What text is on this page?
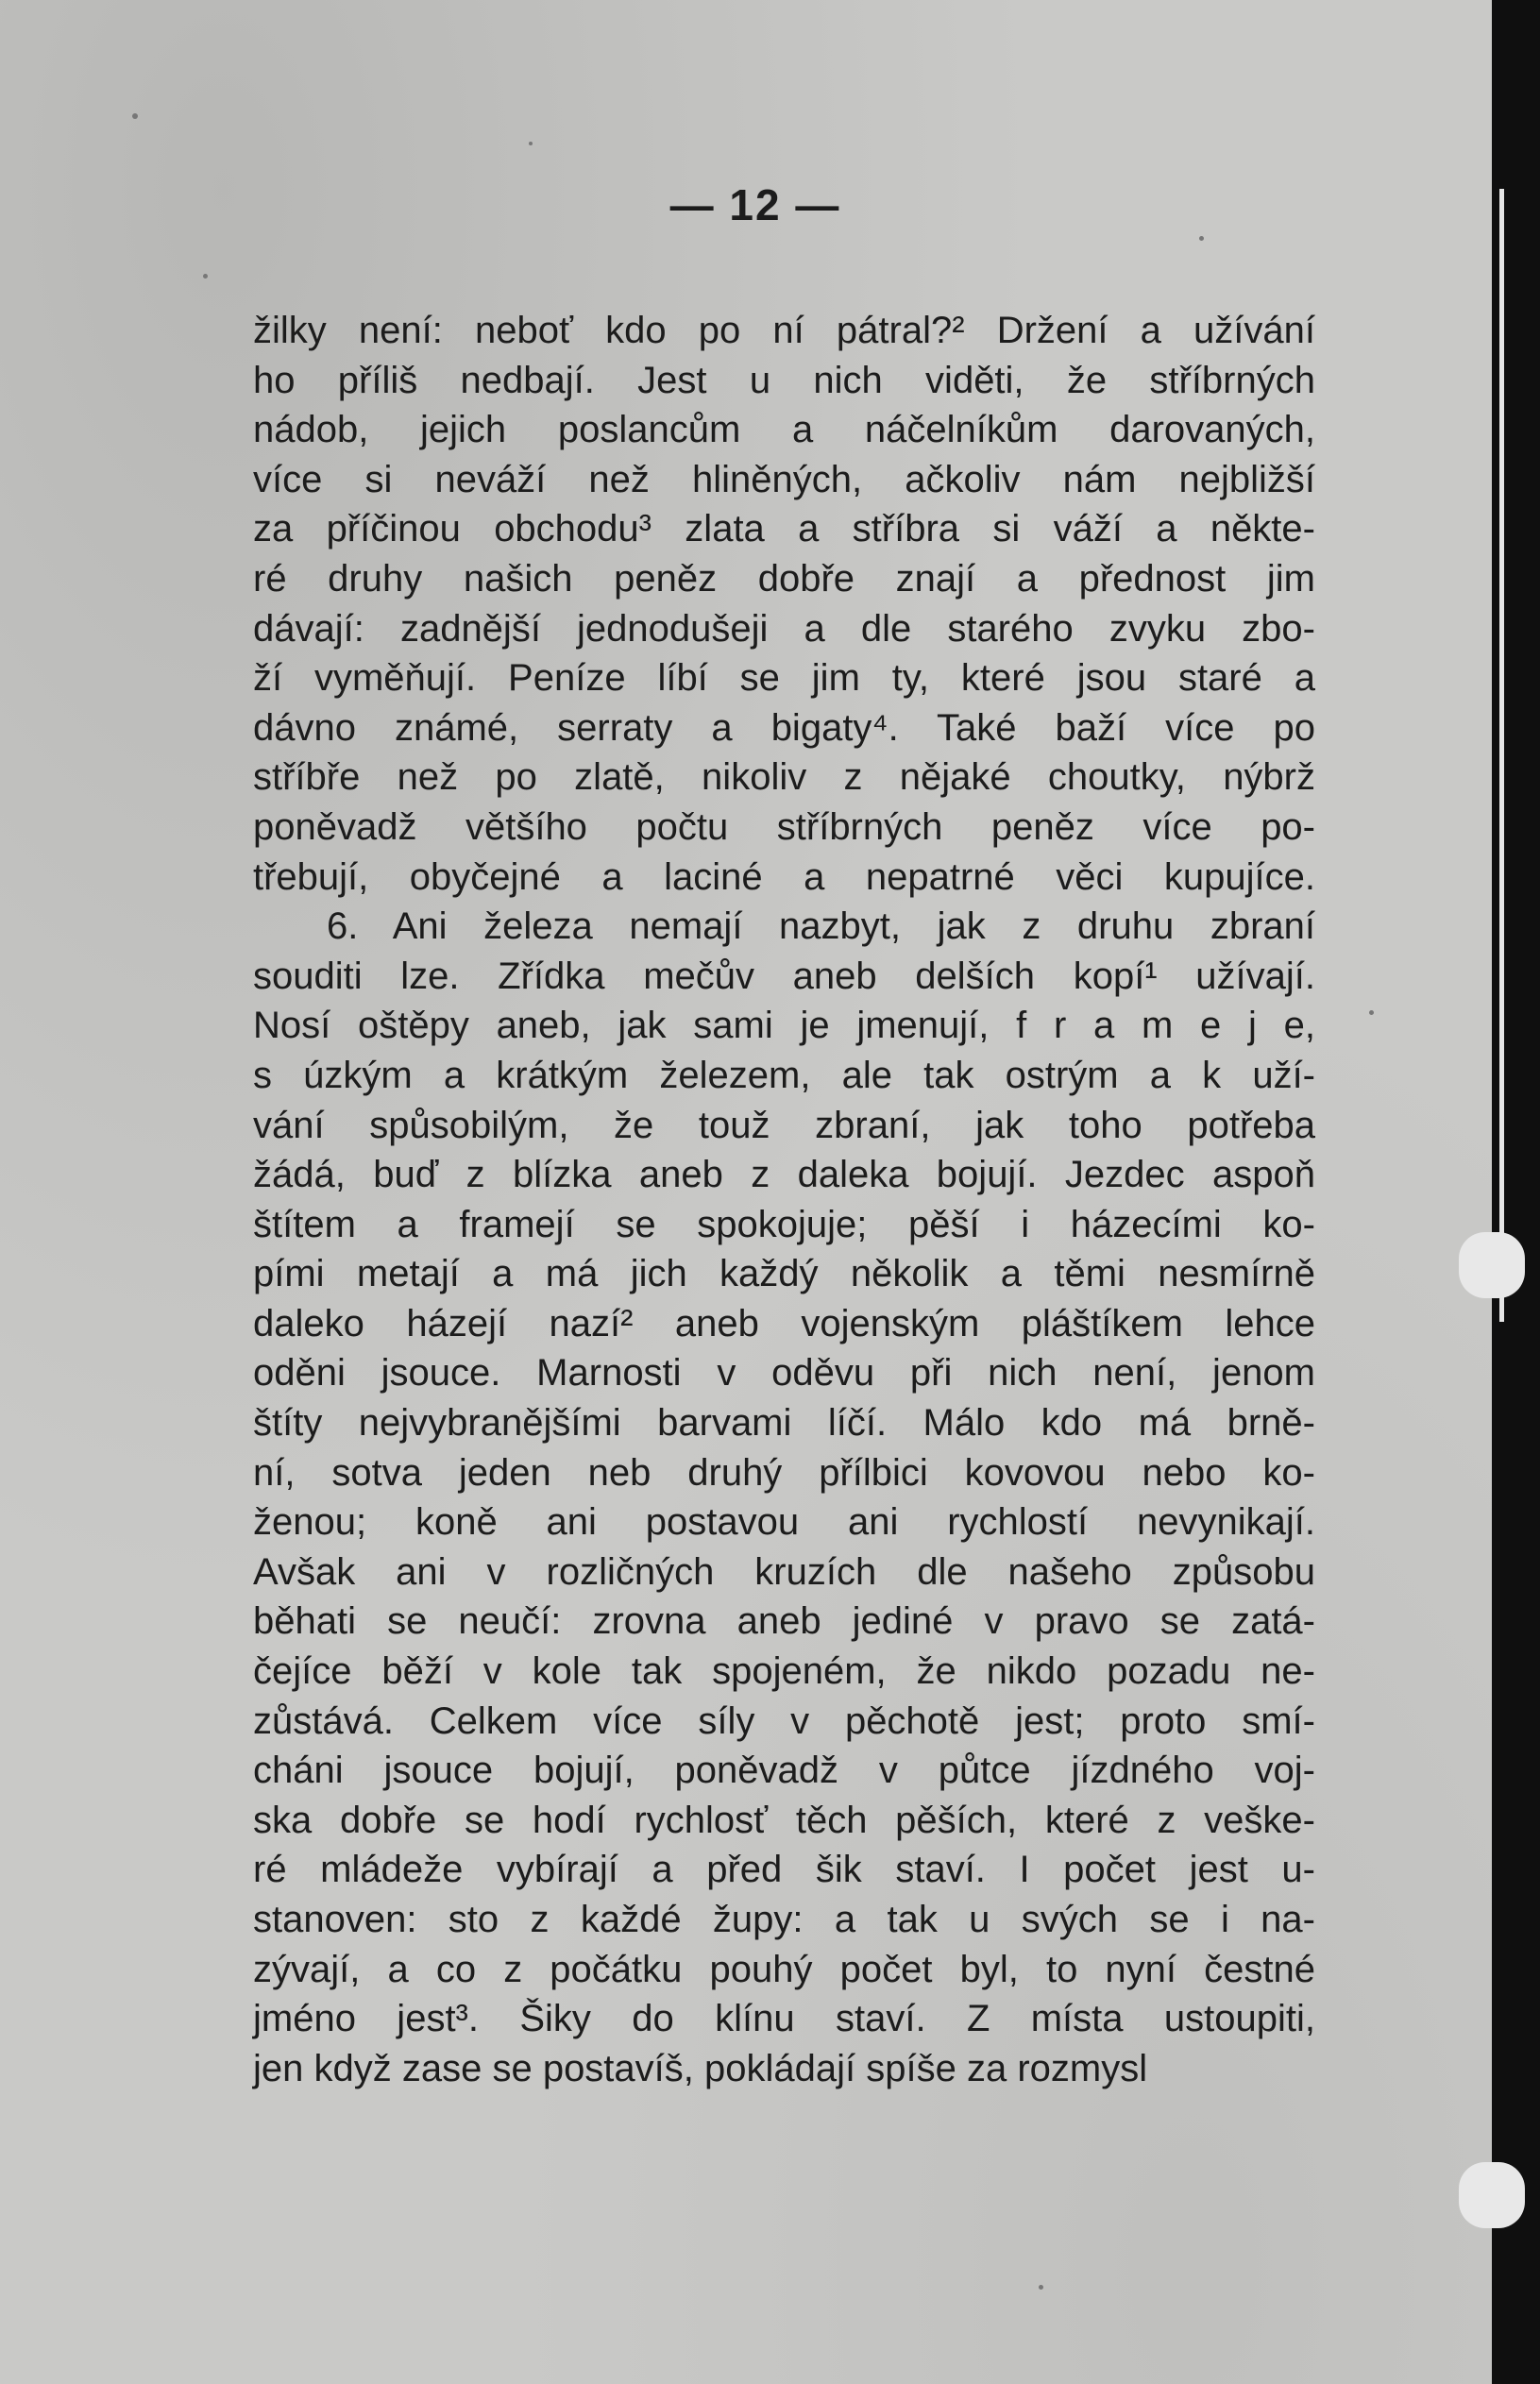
— 12 —
žilky není: neboť kdo po ní pátral?² Držení a užívání
ho příliš nedbají. Jest u nich viděti, že stříbrných
nádob, jejich poslancům a náčelníkům darovaných,
více si neváží než hliněných, ačkoliv nám nejbližší
za příčinou obchodu³ zlata a stříbra si váží a někte-
ré druhy našich peněz dobře znají a přednost jim
dávají: zadnější jednodušeji a dle starého zvyku zbo-
ží vyměňují. Peníze líbí se jim ty, které jsou staré a
dávno známé, serraty a bigaty⁴. Také baží více po
stříbře než po zlatě, nikoliv z nějaké choutky, nýbrž
poněvadž většího počtu stříbrných peněz více po-
třebují, obyčejné a laciné a nepatrné věci kupujíce.
6. Ani železa nemají nazbyt, jak z druhu zbraní
souditi lze. Zřídka mečův aneb delších kopí¹ užívají.
Nosí oštěpy aneb, jak sami je jmenují, f r a m e j e,
s úzkým a krátkým železem, ale tak ostrým a k uží-
vání spůsobilým, že touž zbraní, jak toho potřeba
žádá, buď z blízka aneb z daleka bojují. Jezdec aspoň
štítem a framejí se spokojuje; pěší i házecími ko-
pími metají a má jich každý několik a těmi nesmírně
daleko házejí nazí² aneb vojenským pláštíkem lehce
oděni jsouce. Marnosti v oděvu při nich není, jenom
štíty nejvybranějšími barvami líčí. Málo kdo má brně-
ní, sotva jeden neb druhý přílbici kovovou nebo ko-
ženou; koně ani postavou ani rychlostí nevynikají.
Avšak ani v rozličných kruzích dle našeho způsobu
běhati se neučí: zrovna aneb jediné v pravo se zatá-
čejíce běží v kole tak spojeném, že nikdo pozadu ne-
zůstává. Celkem více síly v pěchotě jest; proto smí-
cháni jsouce bojují, poněvadž v půtce jízdného voj-
ska dobře se hodí rychlosť těch pěších, které z veške-
ré mládeže vybírají a před šik staví. I počet jest u-
stanoven: sto z každé župy: a tak u svých se i na-
zývají, a co z počátku pouhý počet byl, to nyní čestné
jméno jest³. Šiky do klínu staví. Z místa ustoupiti,
jen když zase se postavíš, pokládají spíše za rozmysl
